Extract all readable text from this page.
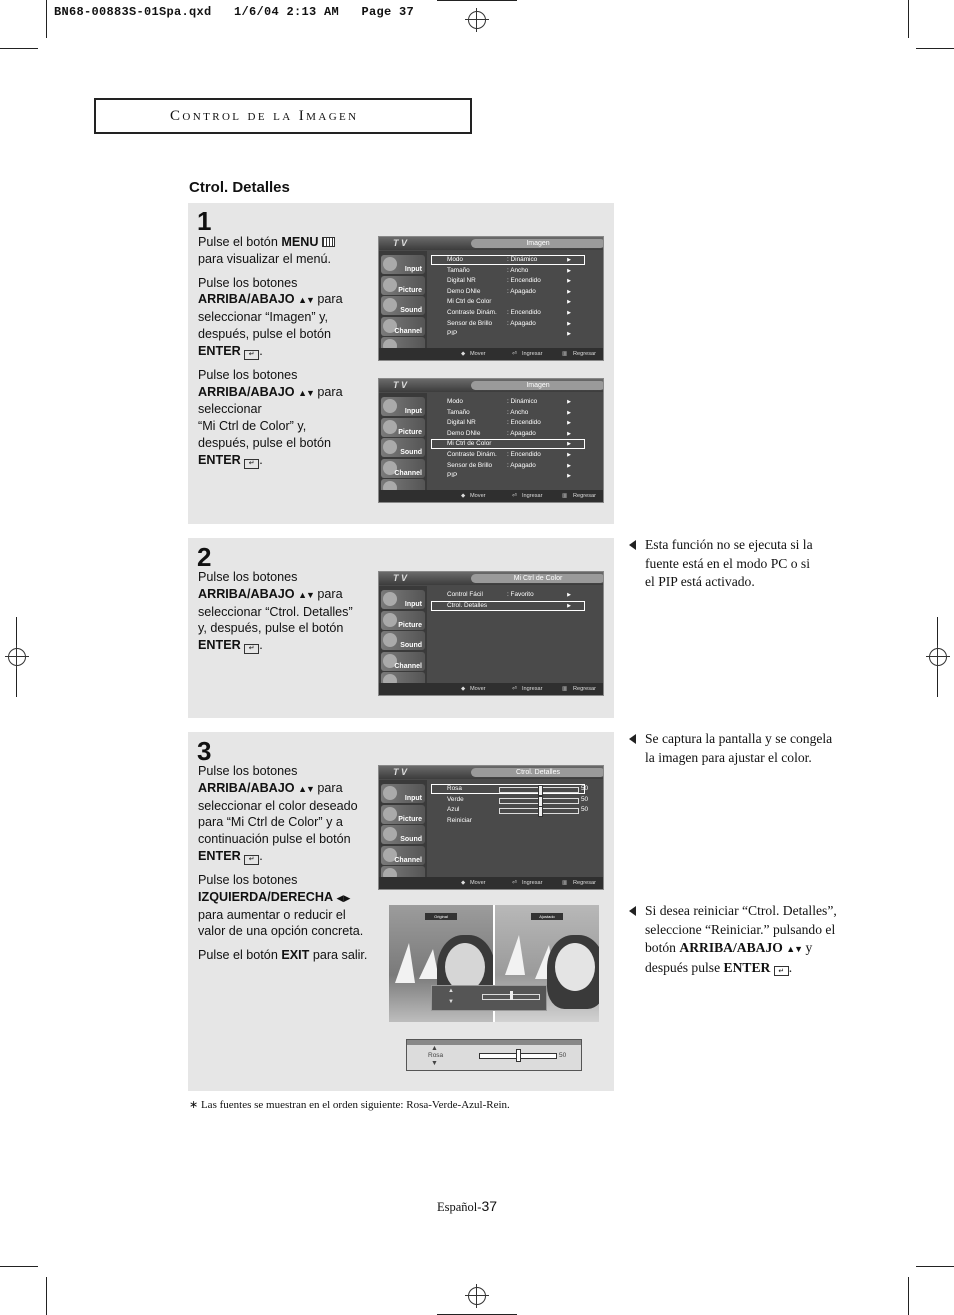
BN68-00883S-01Spa.qxd   1/6/04 2:13 AM   Page 37
Control de la Imagen
Ctrol. Detalles
1
Pulse el botón MENU
para visualizar el menú.
Pulse los botones
ARRIBA/ABAJO ▲▼ para
seleccionar “Imagen” y,
después, pulse el botón
ENTER ↵ .
Pulse los botones
ARRIBA/ABAJO ▲▼ para
seleccionar
“Mi Ctrl de Color” y,
después, pulse el botón
ENTER ↵ .
T V	Imagen
Input
Picture
Sound
Channel
Modo	: Dinámico	▶
Tamaño	: Ancho	▶
Digital NR	: Encendido	▶
Demo DNIe	: Apagado	▶
Mi Ctrl de Color	▶
Contraste Dinám. : Encendido	▶
Sensor de Brillo : Apagado	▶
PIP	▶
◆ Mover	⏎ Ingresar	▥ Regresar
T V	Imagen
Input
Picture
Sound
Channel
Modo	: Dinámico	▶
Tamaño	: Ancho	▶
Digital NR	: Encendido	▶
Demo DNIe	: Apagado	▶
Mi Ctrl de Color	▶
Contraste Dinám. : Encendido	▶
Sensor de Brillo : Apagado	▶
PIP	▶
◆ Mover	⏎ Ingresar	▥ Regresar
2
Pulse los botones
ARRIBA/ABAJO ▲▼ para
seleccionar “Ctrol. Detalles”
y, después, pulse el botón
ENTER ↵ .
T V	Mi Ctrl de Color
Input
Picture
Sound
Channel
Control Fácil	: Favorito	▶
Ctrol. Detalles	▶
◆ Mover	⏎ Ingresar	▥ Regresar
3
Pulse los botones
ARRIBA/ABAJO ▲▼ para
seleccionar el color deseado
para “Mi Ctrl de Color” y a
continuación pulse el botón
ENTER ↵ .
Pulse los botones
IZQUIERDA/DERECHA ◀▶
para aumentar o reducir el
valor de una opción concreta.
Pulse el botón EXIT para salir.
T V	Ctrol. Detalles
Input
Picture
Sound
Channel
Rosa	50
Verde	50
Azul	50
Reiniciar
◆ Mover	⏎ Ingresar	▥ Regresar
Original	Ajustado
▲
▼
▲
Rosa
▼
50
Esta función no se ejecuta si la
fuente está en el modo PC o si
el PIP está activado.
Se captura la pantalla y se congela
la imagen para ajustar el color.
Si desea reiniciar “Ctrol. Detalles”,
seleccione “Reiniciar.” pulsando el
botón ARRIBA/ABAJO ▲▼ y
después pulse ENTER ↵ .
∗ Las fuentes se muestran en el orden siguiente: Rosa-Verde-Azul-Rein.
Español-37
